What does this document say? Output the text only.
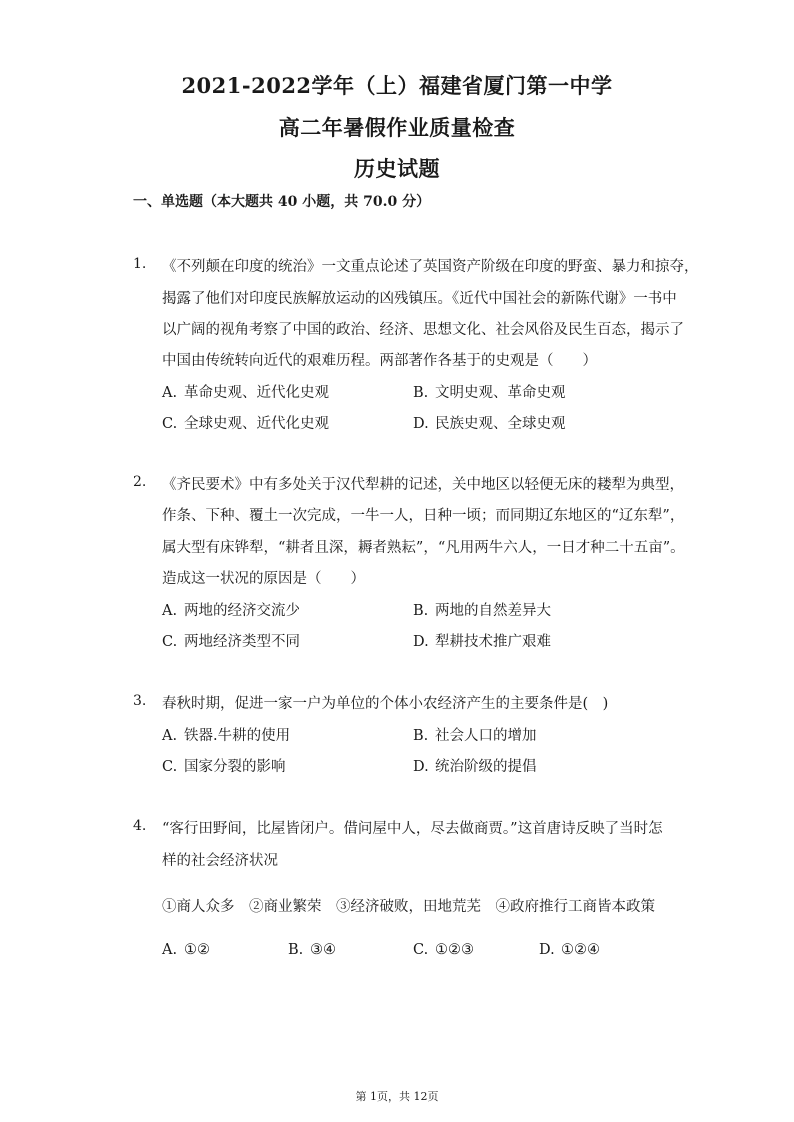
2021-2022学年（上）福建省厦门第一中学
高二年暑假作业质量检查
历史试题
一、单选题（本大题共 40 小题，共 70.0 分）
1. 《不列颠在印度的统治》一文重点论述了英国资产阶级在印度的野蛮、暴力和掠夺，
揭露了他们对印度民族解放运动的凶残镇压。《近代中国社会的新陈代谢》一书中
以广阔的视角考察了中国的政治、经济、思想文化、社会风俗及民生百态，揭示了
中国由传统转向近代的艰难历程。两部著作各基于的史观是（　　）
A. 革命史观、近代化史观	B. 文明史观、革命史观
C. 全球史观、近代化史观	D. 民族史观、全球史观
2. 《齐民要术》中有多处关于汉代犁耕的记述，关中地区以轻便无床的耧犁为典型，
作条、下种、覆土一次完成，一牛一人，日种一顷；而同期辽东地区的“辽东犁”，
属大型有床铧犁，“耕者且深，耨者熟耘”，“凡用两牛六人，一日才种二十五亩”。
造成这一状况的原因是（　　）
A. 两地的经济交流少	B. 两地的自然差异大
C. 两地经济类型不同	D. 犁耕技术推广艰难
3. 春秋时期，促进一家一户为单位的个体小农经济产生的主要条件是(　)
A. 铁器.牛耕的使用	B. 社会人口的增加
C. 国家分裂的影响	D. 统治阶级的提倡
4. “客行田野间，比屋皆闭户。借问屋中人，尽去做商贾。”这首唐诗反映了当时怎
样的社会经济状况
①商人众多　②商业繁荣　③经济破败，田地荒芜　④政府推行工商皆本政策
A. ①②	B. ③④	C. ①②③	D. ①②④
第 1页，共 12页
